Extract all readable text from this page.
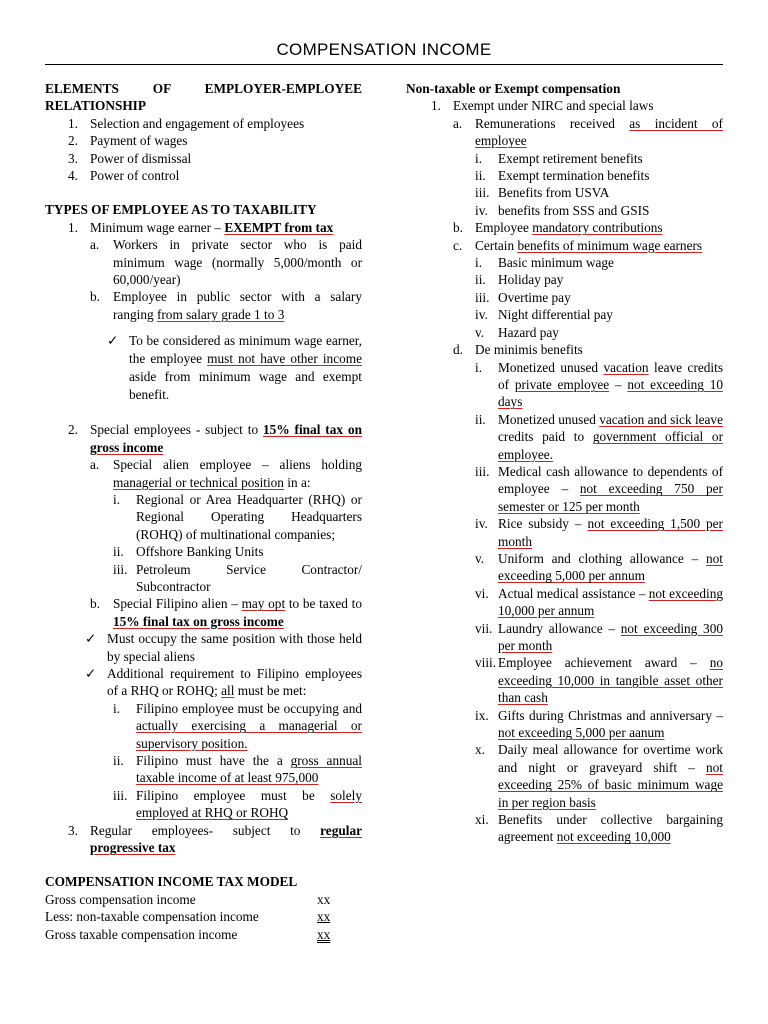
COMPENSATION INCOME
ELEMENTS OF EMPLOYER-EMPLOYEE
RELATIONSHIP
1. Selection and engagement of employees
2. Payment of wages
3. Power of dismissal
4. Power of control
TYPES OF EMPLOYEE AS TO TAXABILITY
1. Minimum wage earner – EXEMPT from tax
a.	Workers in private sector who is paid minimum wage (normally 5,000/month or 60,000/year)
b. Employee in public sector with a salary ranging from salary grade 1 to 3
✓ To be considered as minimum wage earner, the employee must not have other income aside from minimum wage and exempt benefit.
2. Special employees - subject to 15% final tax on gross income
a.	Special alien employee – aliens holding managerial or technical position in a:
i.	Regional or Area Headquarter (RHQ) or Regional Operating Headquarters (ROHQ) of multinational companies;
ii. Offshore Banking Units
iii. Petroleum Service Contractor/ Subcontractor
b. Special Filipino alien – may opt to be taxed to 15% final tax on gross income
✓ Must occupy the same position with those held by special aliens
✓ Additional requirement to Filipino employees of a RHQ or ROHQ; all must be met:
i.	Filipino employee must be occupying and actually exercising a managerial or supervisory position.
ii. Filipino must have the a gross annual taxable income of at least 975,000
iii. Filipino employee must be solely employed at RHQ or ROHQ
3. Regular employees- subject to regular progressive tax
COMPENSATION INCOME TAX MODEL
Gross compensation income	xx
Less: non-taxable compensation income	xx
Gross taxable compensation income	xx
Non-taxable or Exempt compensation
1. Exempt under NIRC and special laws
a. Remunerations received as incident of employee
i.	Exempt retirement benefits
ii. Exempt termination benefits
iii. Benefits from USVA
iv. benefits from SSS and GSIS
b. Employee mandatory contributions
c. Certain benefits of minimum wage earners
i.	Basic minimum wage
ii. Holiday pay
iii. Overtime pay
iv. Night differential pay
v.	Hazard pay
d. De minimis benefits
i.	Monetized unused vacation leave credits of private employee – not exceeding 10 days
ii. Monetized unused vacation and sick leave credits paid to government official or employee.
iii. Medical cash allowance to dependents of employee – not exceeding 750 per semester or 125 per month
iv. Rice subsidy – not exceeding 1,500 per month
v.	Uniform and clothing allowance – not exceeding 5,000 per annum
vi. Actual medical assistance – not exceeding 10,000 per annum
vii. Laundry allowance – not exceeding 300 per month
viii. Employee achievement award – no exceeding 10,000 in tangible asset other than cash
ix. Gifts during Christmas and anniversary – not exceeding 5,000 per aanum
x. Daily meal allowance for overtime work and night or graveyard shift – not exceeding 25% of basic minimum wage in per region basis
xi. Benefits under collective bargaining agreement not exceeding 10,000
